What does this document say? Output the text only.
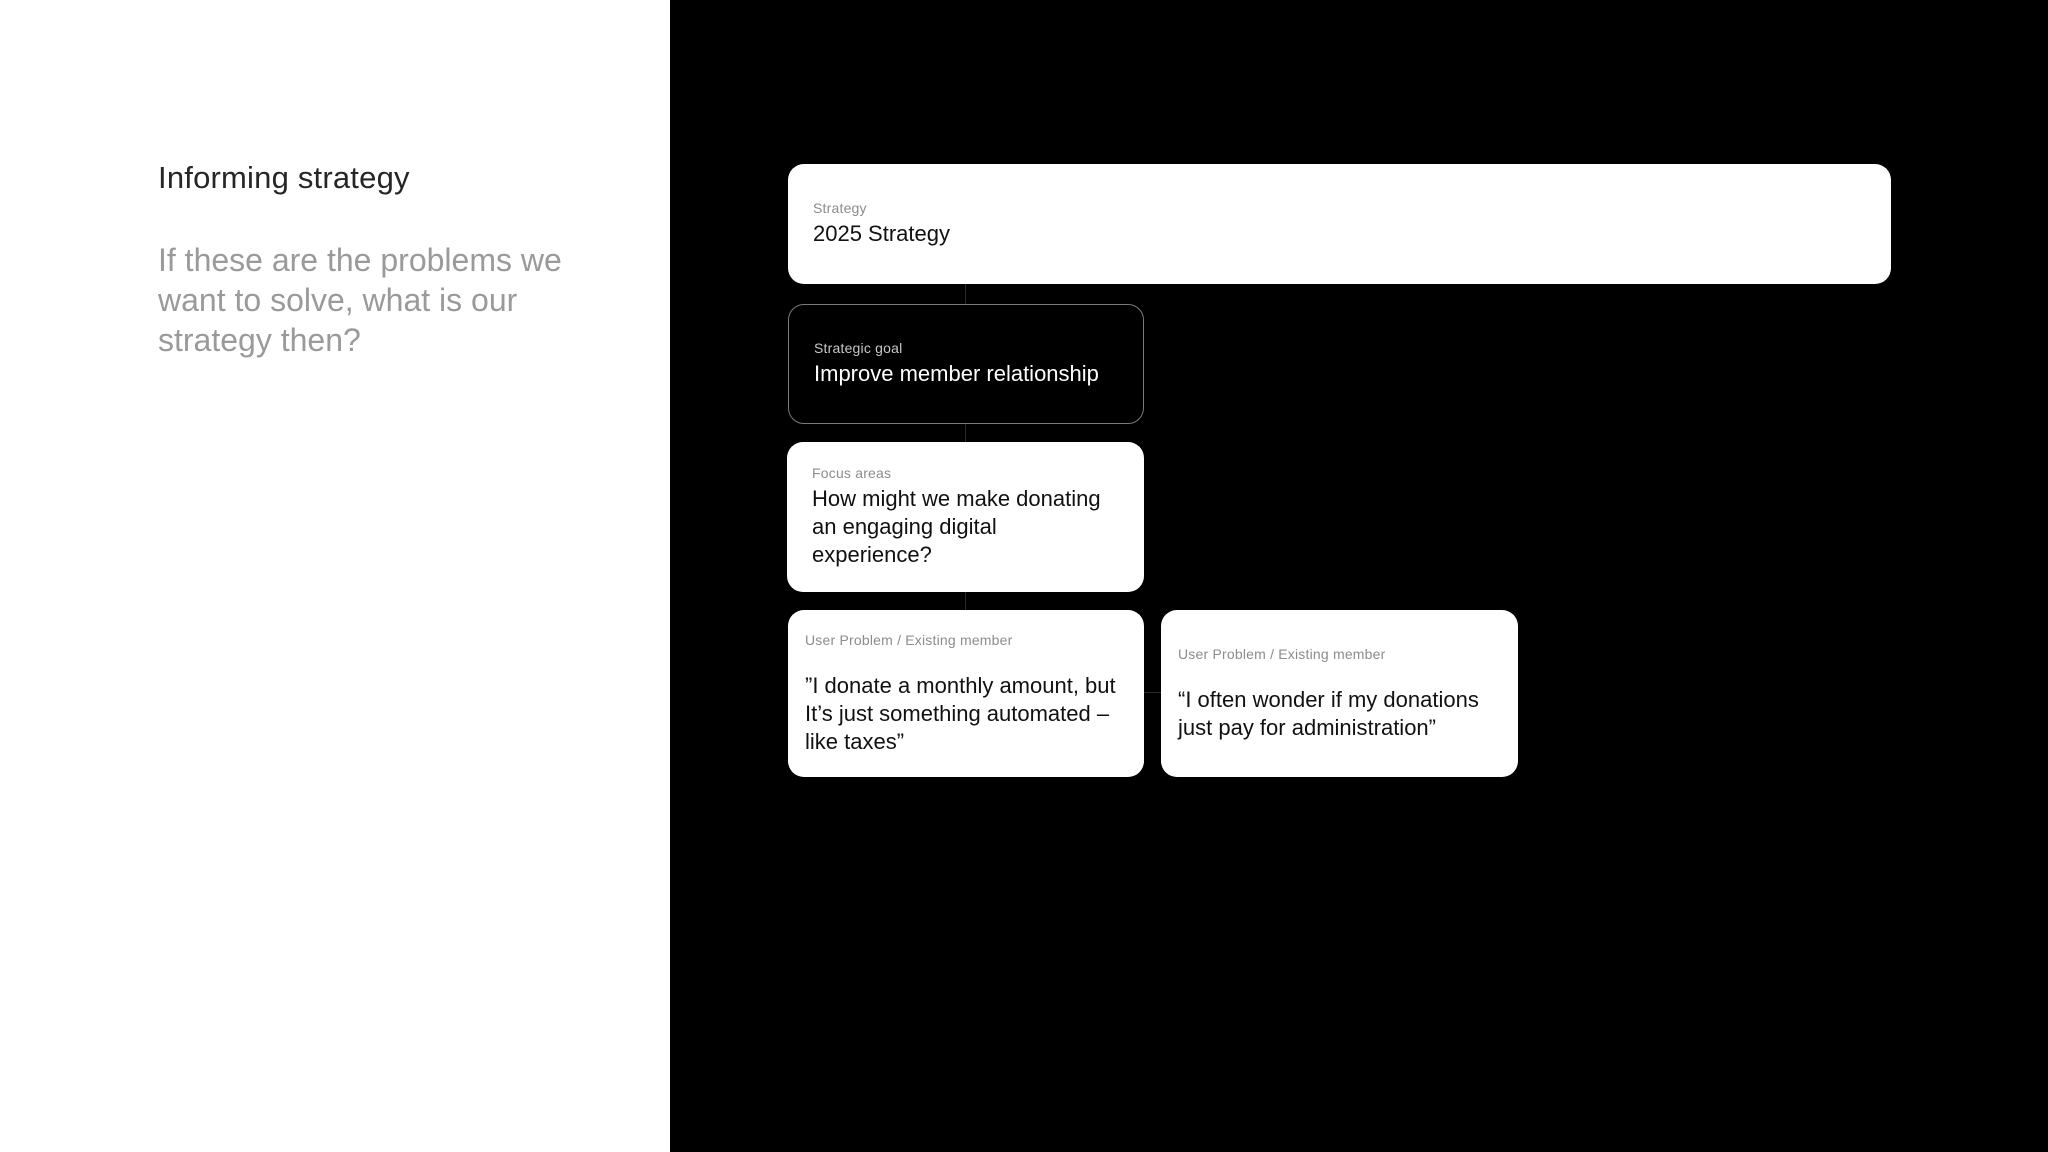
Informing strategy

If these are the problems we want to solve, what is our strategy then?

Strategy
2025 Strategy
Strategic goal
Improve member relationship
Focus areas
How might we make donating an engaging digital experience?
User Problem / Existing member
”I donate a monthly amount, but It’s just something automated – like taxes”
User Problem / Existing member
“I often wonder if my donations just pay for administration”
